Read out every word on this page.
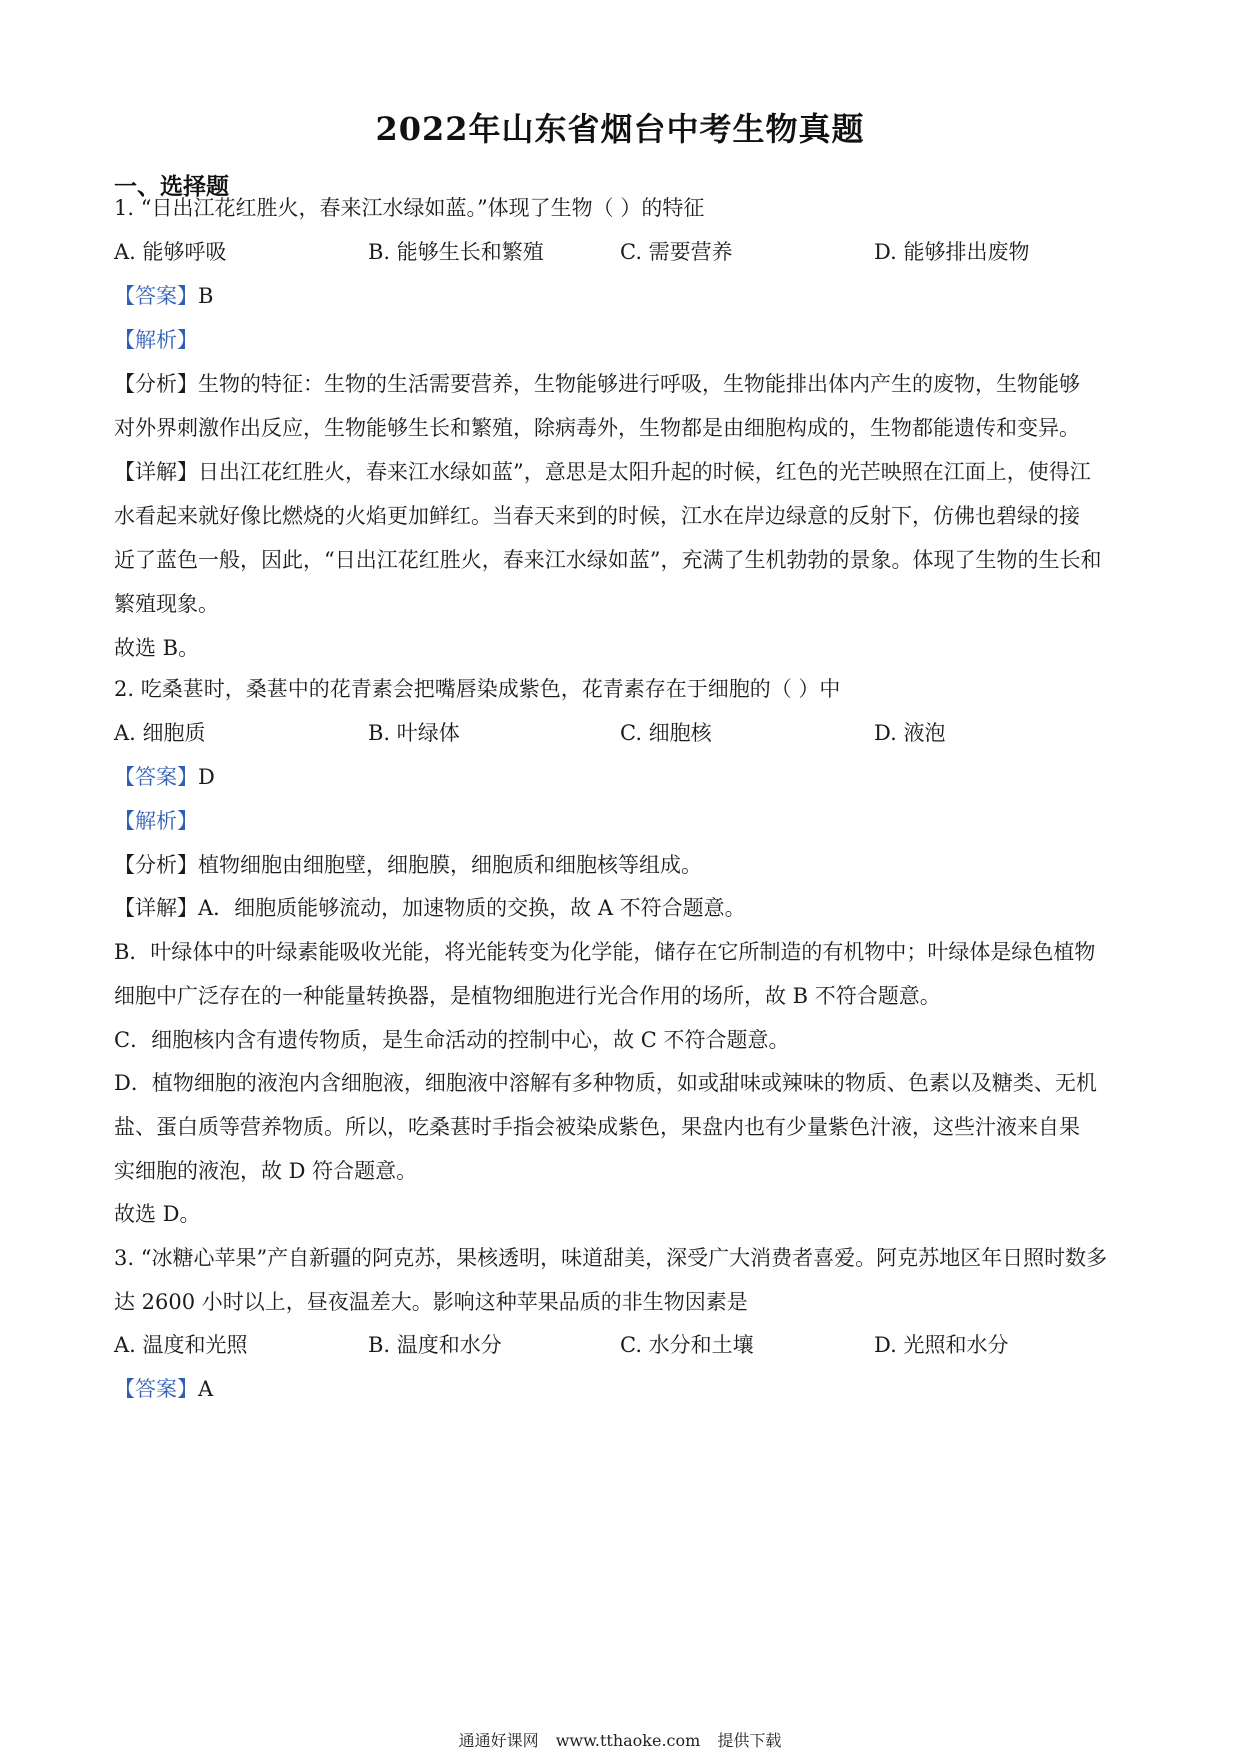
2022年山东省烟台中考生物真题
一、选择题
1. “日出江花红胜火，春来江水绿如蓝。”体现了生物（ ）的特征
A. 能够呼吸	B. 能够生长和繁殖	C. 需要营养	D. 能够排出废物
【答案】B
【解析】
【分析】生物的特征：生物的生活需要营养，生物能够进行呼吸，生物能排出体内产生的废物，生物能够
对外界刺激作出反应，生物能够生长和繁殖，除病毒外，生物都是由细胞构成的，生物都能遗传和变异。
【详解】日出江花红胜火，春来江水绿如蓝”，意思是太阳升起的时候，红色的光芒映照在江面上，使得江
水看起来就好像比燃烧的火焰更加鲜红。当春天来到的时候，江水在岸边绿意的反射下，仿佛也碧绿的接
近了蓝色一般，因此，“日出江花红胜火，春来江水绿如蓝”，充满了生机勃勃的景象。体现了生物的生长和
繁殖现象。
故选 B。
2. 吃桑葚时，桑葚中的花青素会把嘴唇染成紫色，花青素存在于细胞的（ ）中
A. 细胞质	B. 叶绿体	C. 细胞核	D. 液泡
【答案】D
【解析】
【分析】植物细胞由细胞壁，细胞膜，细胞质和细胞核等组成。
【详解】A．细胞质能够流动，加速物质的交换，故 A 不符合题意。
B．叶绿体中的叶绿素能吸收光能，将光能转变为化学能，储存在它所制造的有机物中；叶绿体是绿色植物
细胞中广泛存在的一种能量转换器，是植物细胞进行光合作用的场所，故 B 不符合题意。
C．细胞核内含有遗传物质，是生命活动的控制中心，故 C 不符合题意。
D．植物细胞的液泡内含细胞液，细胞液中溶解有多种物质，如或甜味或辣味的物质、色素以及糖类、无机
盐、蛋白质等营养物质。所以，吃桑葚时手指会被染成紫色，果盘内也有少量紫色汁液，这些汁液来自果
实细胞的液泡，故 D 符合题意。
故选 D。
3. “冰糖心苹果”产自新疆的阿克苏，果核透明，味道甜美，深受广大消费者喜爱。阿克苏地区年日照时数多
达 2600 小时以上，昼夜温差大。影响这种苹果品质的非生物因素是
A. 温度和光照	B. 温度和水分	C. 水分和土壤	D. 光照和水分
【答案】A
通通好课网 www.tthaoke.com 提供下载
